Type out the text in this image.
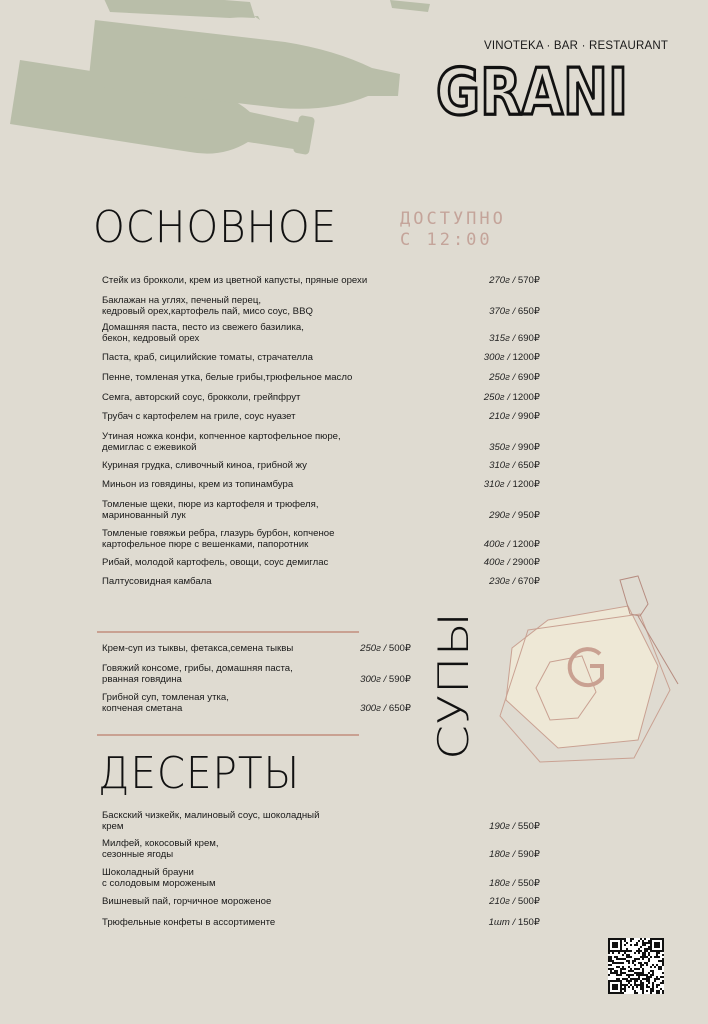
VINOTEKA · BAR · RESTAURANT
GRANI
ОСНОВНОЕ	ДОСТУПНО
С 12:00
Стейк из брокколи, крем из цветной капусты, пряные орехи	270г / 570₽
Баклажан на углях, печеный перец,
кедровый орех,картофель пай, мисо соус, BBQ	370г / 650₽
Домашняя паста, песто из свежего базилика,
бекон, кедровый орех	315г / 690₽
Паста, краб, сицилийские томаты, страчателла	300г / 1200₽
Пенне, томленая утка, белые грибы,трюфельное масло	250г / 690₽
Семга, авторский соус, брокколи, грейпфрут	250г / 1200₽
Трубач с картофелем на гриле, соус нуазет	210г / 990₽
Утиная ножка конфи, копченное картофельное пюре,
демиглас с ежевикой	350г / 990₽
Куриная грудка, сливочный киноа, грибной жу	310г / 650₽
Миньон из говядины, крем из топинамбура	310г / 1200₽
Томленые щеки, пюре из картофеля и трюфеля,
маринованный лук	290г / 950₽
Томленые говяжьи ребра, глазурь бурбон, копченое
картофельное пюре с вешенками, папоротник	400г / 1200₽
Рибай, молодой картофель, овощи, соус демиглас	400г / 2900₽
Палтусовидная камбала	230г / 670₽
Крем-суп из тыквы, фетакса,семена тыквы	250г / 500₽
Говяжий консоме, грибы, домашняя паста,
рванная говядина	300г / 590₽
Грибной суп, томленая утка,
копченая сметана	300г / 650₽ СУПЫ
ДЕСЕРТЫ
Баскский чизкейк, малиновый соус, шоколадный
крем	190г / 550₽
Милфей, кокосовый крем,
сезонные ягоды	180г / 590₽
Шоколадный брауни
с солодовым мороженым	180г / 550₽
Вишневый пай, горчичное мороженое	210г / 500₽
Трюфельные конфеты в ассортименте	1шт / 150₽
